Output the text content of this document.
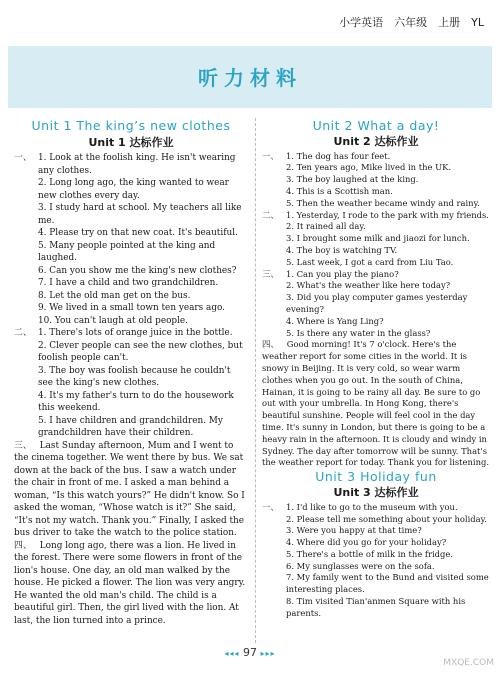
小学英语　六年级　上册　YL
听力材料
Unit 1 The king’s new clothes
Unit 1 达标作业
一、 1. Look at the foolish king. He isn't wearing any clothes.
2. Long long ago, the king wanted to wear new clothes every day.
3. I study hard at school. My teachers all like me.
4. Please try on that new coat. It's beautiful.
5. Many people pointed at the king and laughed.
6. Can you show me the king's new clothes?
7. I have a child and two grandchildren.
8. Let the old man get on the bus.
9. We lived in a small town ten years ago.
10. You can't laugh at old people.
二、 1. There's lots of orange juice in the bottle.
2. Clever people can see the new clothes, but foolish people can't.
3. The boy was foolish because he couldn't see the king's new clothes.
4. It's my father's turn to do the housework this weekend.
5. I have children and grandchildren. My grandchildren have their children.

三、 Last Sunday afternoon, Mum and I went to the cinema together. We went there by bus. We sat down at the back of the bus. I saw a watch under the chair in front of me. I asked a man behind a woman, “Is this watch yours?” He didn't know. So I asked the woman, “Whose watch is it?” She said, “It's not my watch. Thank you.” Finally, I asked the bus driver to take the watch to the police station.

四、 Long long ago, there was a lion. He lived in the forest. There were some flowers in front of the lion's house. One day, an old man walked by the house. He picked a flower. The lion was very angry. He wanted the old man's child. The child is a beautiful girl. Then, the girl lived with the lion. At last, the lion turned into a prince.

Unit 2 What a day!
Unit 2 达标作业
一、 1. The dog has four feet.
2. Ten years ago, Mike lived in the UK.
3. The boy laughed at the king.
4. This is a Scottish man.
5. Then the weather became windy and rainy.
二、 1. Yesterday, I rode to the park with my friends.
2. It rained all day.
3. I brought some milk and jiaozi for lunch.
4. The boy is watching TV.
5. Last week, I got a card from Liu Tao.
三、 1. Can you play the piano?
2. What's the weather like here today?
3. Did you play computer games yesterday evening?
4. Where is Yang Ling?
5. Is there any water in the glass?

四、 Good morning! It's 7 o'clock. Here's the weather report for some cities in the world. It is snowy in Beijing. It is very cold, so wear warm clothes when you go out. In the south of China, Hainan, it is going to be rainy all day. Be sure to go out with your umbrella. In Hong Kong, there's beautiful sunshine. People will feel cool in the day time. It's sunny in London, but there is going to be a heavy rain in the afternoon. It is cloudy and windy in Sydney. The day after tomorrow will be sunny. That's the weather report for today. Thank you for listening.

Unit 3 Holiday fun
Unit 3 达标作业
一、 1. I'd like to go to the museum with you.
2. Please tell me something about your holiday.
3. Were you happy at that time?
4. Where did you go for your holiday?
5. There's a bottle of milk in the fridge.
6. My sunglasses were on the sofa.
7. My family went to the Bund and visited some interesting places.
8. Tim visited Tian'anmen Square with his parents.
◂◂◂ 97 ▸▸▸
MXQE.COM
